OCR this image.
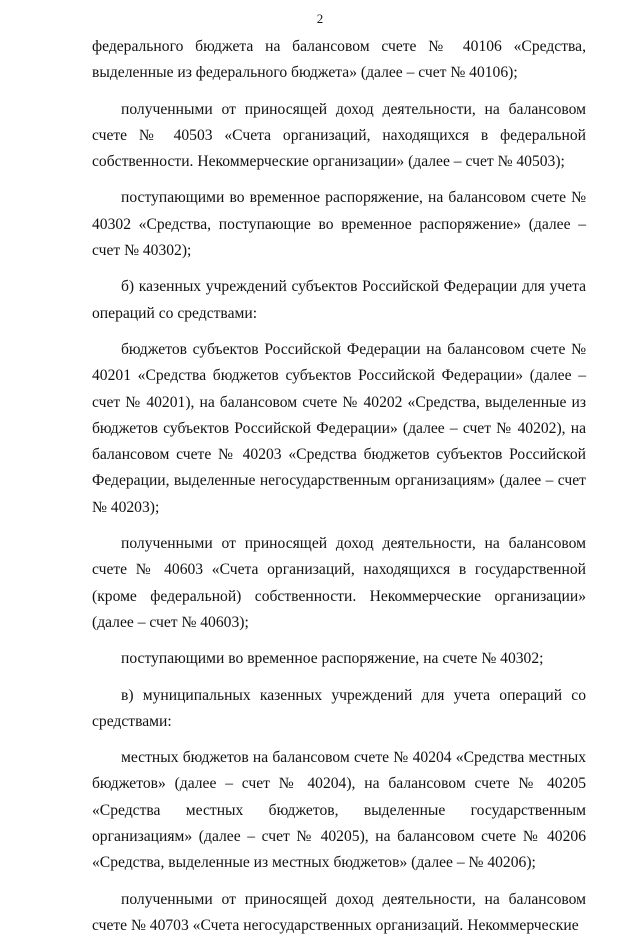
2

федерального бюджета на балансовом счете № 40106 «Средства, выделенные из федерального бюджета» (далее – счет № 40106);

полученными от приносящей доход деятельности, на балансовом счете № 40503 «Счета организаций, находящихся в федеральной собственности. Некоммерческие организации» (далее – счет № 40503);

поступающими во временное распоряжение, на балансовом счете № 40302 «Средства, поступающие во временное распоряжение» (далее – счет № 40302);

б) казенных учреждений субъектов Российской Федерации для учета операций со средствами:

бюджетов субъектов Российской Федерации на балансовом счете № 40201 «Средства бюджетов субъектов Российской Федерации» (далее – счет № 40201), на балансовом счете № 40202 «Средства, выделенные из бюджетов субъектов Российской Федерации» (далее – счет № 40202), на балансовом счете № 40203 «Средства бюджетов субъектов Российской Федерации, выделенные негосударственным организациям» (далее – счет № 40203);

полученными от приносящей доход деятельности, на балансовом счете № 40603 «Счета организаций, находящихся в государственной (кроме федеральной) собственности. Некоммерческие организации» (далее – счет № 40603);

поступающими во временное распоряжение, на счете № 40302;

в) муниципальных казенных учреждений для учета операций со средствами:

местных бюджетов на балансовом счете № 40204 «Средства местных бюджетов» (далее – счет № 40204), на балансовом счете № 40205 «Средства местных бюджетов, выделенные государственным организациям» (далее – счет № 40205), на балансовом счете № 40206 «Средства, выделенные из местных бюджетов» (далее – № 40206);

полученными от приносящей доход деятельности, на балансовом счете № 40703 «Счета негосударственных организаций. Некоммерческие
